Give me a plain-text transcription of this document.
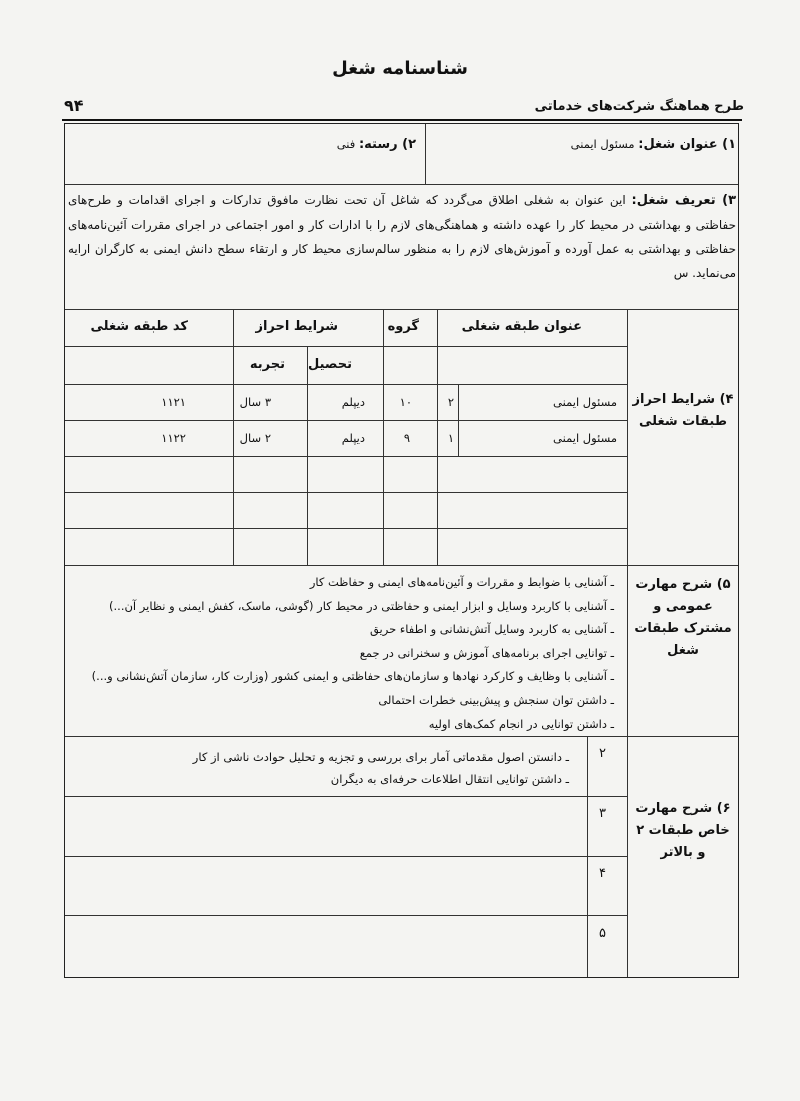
شناسنامه شغل
طرح هماهنگ شرکت‌های خدماتی
۹۴
۱) عنوان شغل: مسئول ایمنی
۲) رسته: فنی
۳) تعریف شغل: این عنوان به شغلی اطلاق می‌گردد که شاغل آن تحت نظارت مافوق تدارکات و اجرای اقدامات و طرح‌های حفاظتی و بهداشتی در محیط کار را عهده داشته و هماهنگی‌های لازم را با ادارات کار و امور اجتماعی در اجرای مقررات آئین‌نامه‌های حفاظتی و بهداشتی به عمل آورده و آموزش‌های لازم را به منظور سالم‌سازی محیط کار و ارتقاء سطح دانش ایمنی به کارگران ارایه می‌نماید. س
۴) شرایط احراز طبقات شغلی
عنوان طبقه شغلی
گروه
شرایط احراز
کد طبقه شغلی
تحصیل
تجربه
مسئول ایمنی
۲
۱۰
دیپلم
۳ سال
۱۱۲۱
مسئول ایمنی
۱
۹
دیپلم
۲ سال
۱۱۲۲
۵) شرح مهارت عمومی و مشترک طبقات شغل
ـ آشنایی با ضوابط و مقررات و آئین‌نامه‌های ایمنی و حفاظت کار
ـ آشنایی با کاربرد وسایل و ابزار ایمنی و حفاظتی در محیط کار (گوشی، ماسک، کفش ایمنی و نظایر آن...)
ـ آشنایی به کاربرد وسایل آتش‌نشانی و اطفاء حریق
ـ توانایی اجرای برنامه‌های آموزش و سخنرانی در جمع
ـ آشنایی با وظایف و کارکرد نهادها و سازمان‌های حفاظتی و ایمنی کشور (وزارت کار، سازمان آتش‌نشانی و...)
ـ داشتن توان سنجش و پیش‌بینی خطرات احتمالی
ـ داشتن توانایی در انجام کمک‌های اولیه
۶) شرح مهارت خاص طبقات ۲ و بالاتر
۲
۳
۴
۵
ـ دانستن اصول مقدماتی آمار برای بررسی و تجزیه و تحلیل حوادث ناشی از کار
ـ داشتن توانایی انتقال اطلاعات حرفه‌ای به دیگران
